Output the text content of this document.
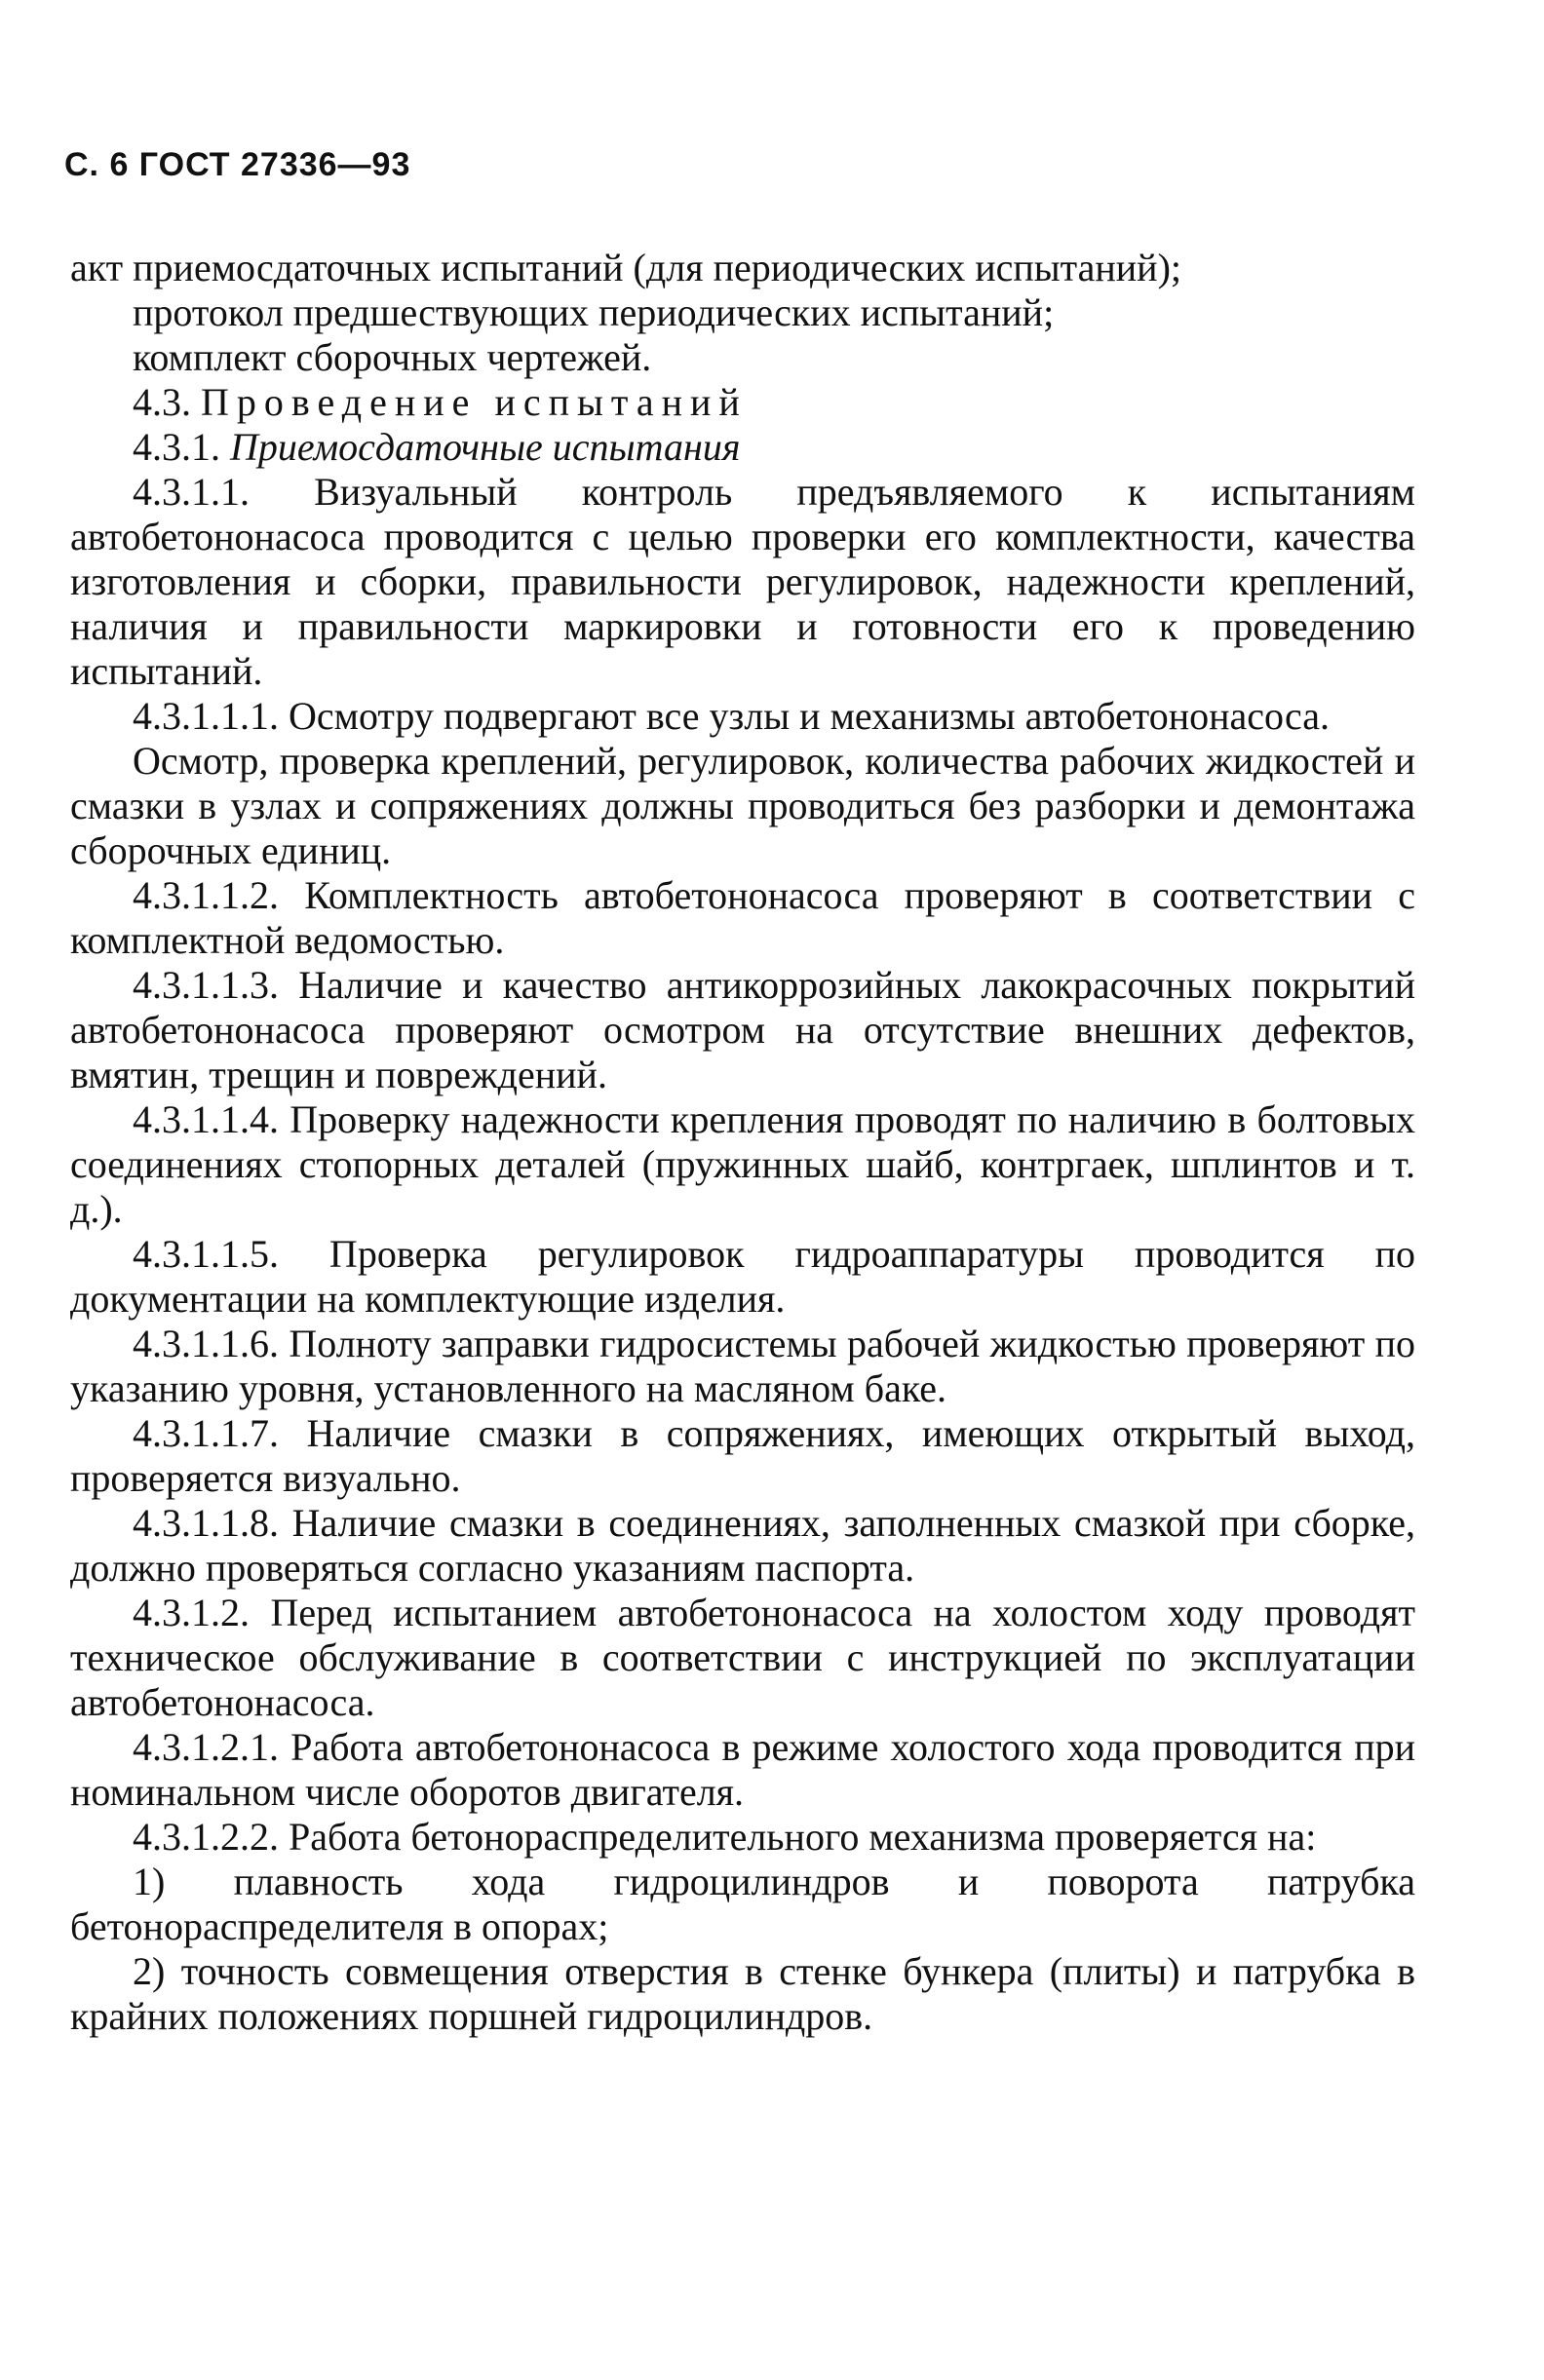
С. 6 ГОСТ 27336—93

акт приемосдаточных испытаний (для периодических испытаний);

протокол предшествующих периодических испытаний;

комплект сборочных чертежей.

4.3. Проведение испытаний

4.3.1. Приемосдаточные испытания

4.3.1.1. Визуальный контроль предъявляемого к испытаниям автобетононасоса проводится с целью проверки его комплектности, качества изготовления и сборки, правильности регулировок, надежности креплений, наличия и правильности маркировки и готовности его к проведению испытаний.

4.3.1.1.1. Осмотру подвергают все узлы и механизмы автобетононасоса.

Осмотр, проверка креплений, регулировок, количества рабочих жидкостей и смазки в узлах и сопряжениях должны проводиться без разборки и демонтажа сборочных единиц.

4.3.1.1.2. Комплектность автобетононасоса проверяют в соответствии с комплектной ведомостью.

4.3.1.1.3. Наличие и качество антикоррозийных лакокрасочных покрытий автобетононасоса проверяют осмотром на отсутствие внешних дефектов, вмятин, трещин и повреждений.

4.3.1.1.4. Проверку надежности крепления проводят по наличию в болтовых соединениях стопорных деталей (пружинных шайб, контргаек, шплинтов и т. д.).

4.3.1.1.5. Проверка регулировок гидроаппаратуры проводится по документации на комплектующие изделия.

4.3.1.1.6. Полноту заправки гидросистемы рабочей жидкостью проверяют по указанию уровня, установленного на масляном баке.

4.3.1.1.7. Наличие смазки в сопряжениях, имеющих открытый выход, проверяется визуально.

4.3.1.1.8. Наличие смазки в соединениях, заполненных смазкой при сборке, должно проверяться согласно указаниям паспорта.

4.3.1.2. Перед испытанием автобетононасоса на холостом ходу проводят техническое обслуживание в соответствии с инструкцией по эксплуатации автобетононасоса.

4.3.1.2.1. Работа автобетононасоса в режиме холостого хода проводится при номинальном числе оборотов двигателя.

4.3.1.2.2. Работа бетонораспределительного механизма проверяется на:

1) плавность хода гидроцилиндров и поворота патрубка бетонораспределителя в опорах;

2) точность совмещения отверстия в стенке бункера (плиты) и патрубка в крайних положениях поршней гидроцилиндров.
